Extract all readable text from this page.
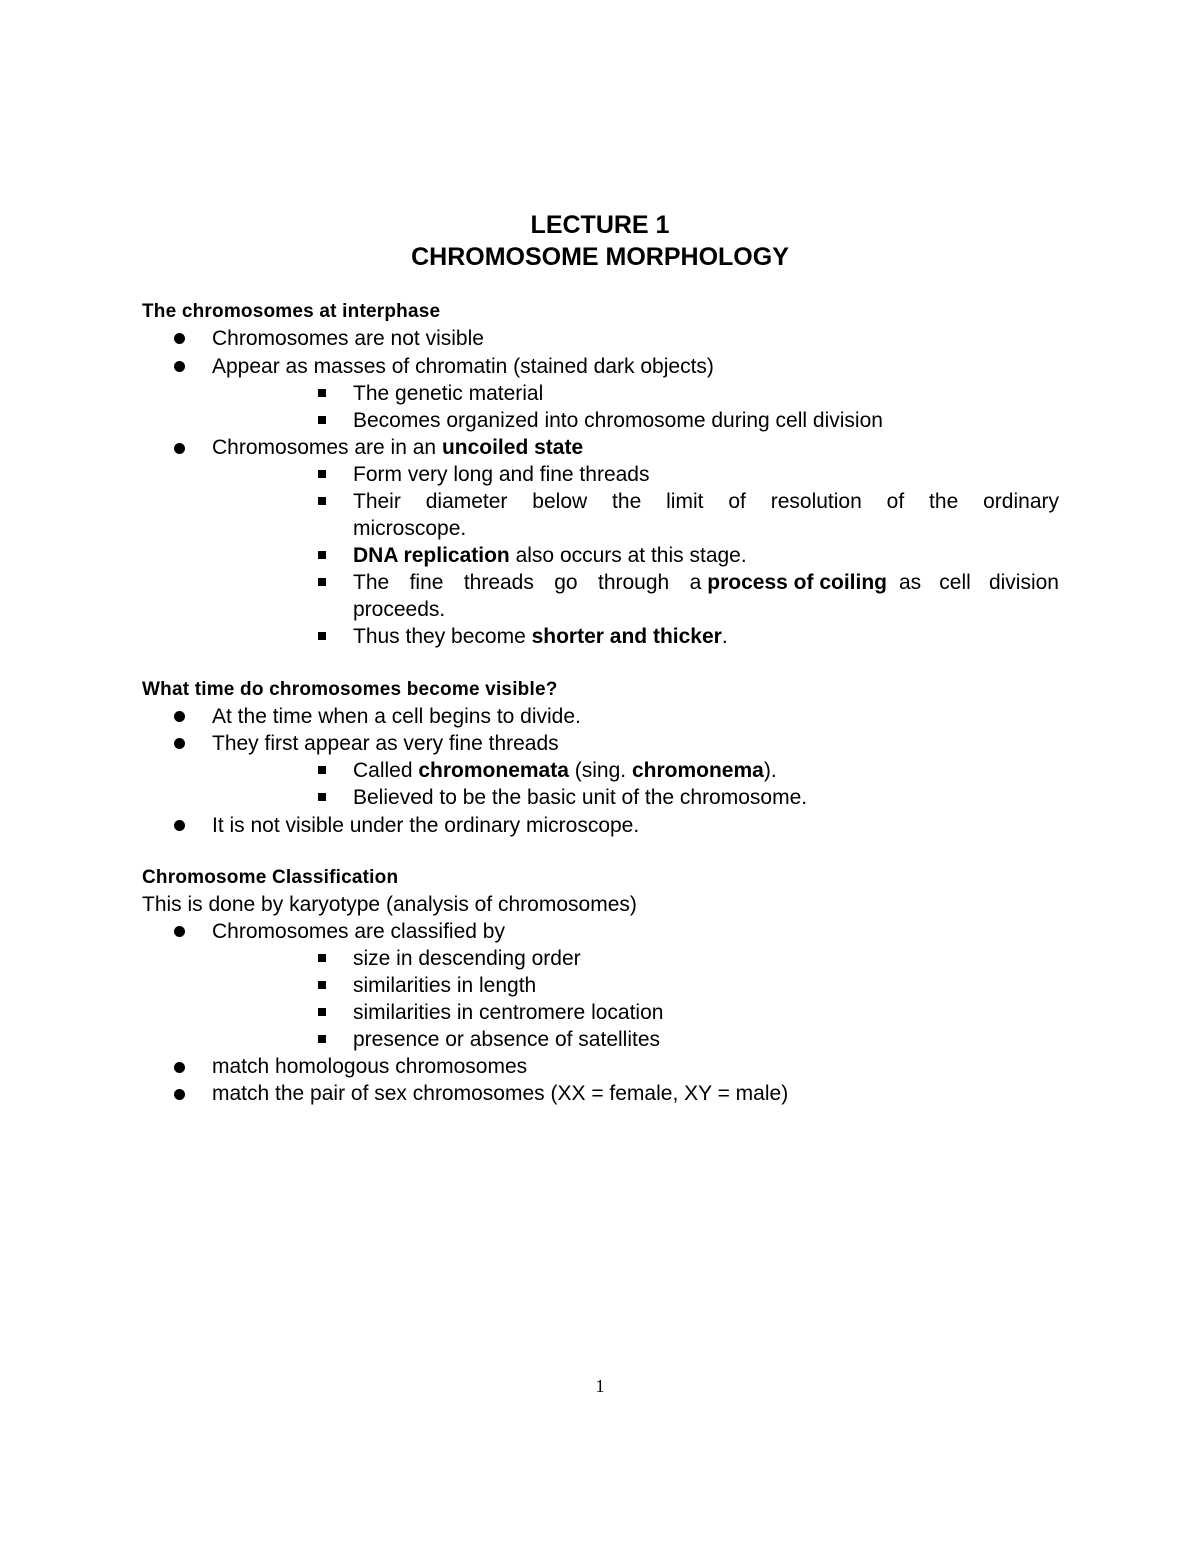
LECTURE 1
CHROMOSOME MORPHOLOGY
The chromosomes at interphase
Chromosomes are not visible
Appear as masses of chromatin (stained dark objects)
The genetic material
Becomes organized into chromosome during cell division
Chromosomes are in an uncoiled state
Form very long and fine threads
Their diameter below the limit of resolution of the ordinary
microscope.
DNA replication also occurs at this stage.
The fine threads go through a process of coiling as cell division
proceeds.
Thus they become shorter and thicker.
What time do chromosomes become visible?
At the time when a cell begins to divide.
They first appear as very fine threads
Called chromonemata (sing. chromonema).
Believed to be the basic unit of the chromosome.
It is not visible under the ordinary microscope.
Chromosome Classification
This is done by karyotype (analysis of chromosomes)
Chromosomes are classified by
size in descending order
similarities in length
similarities in centromere location
presence or absence of satellites
match homologous chromosomes
match the pair of sex chromosomes (XX = female, XY = male)
1
